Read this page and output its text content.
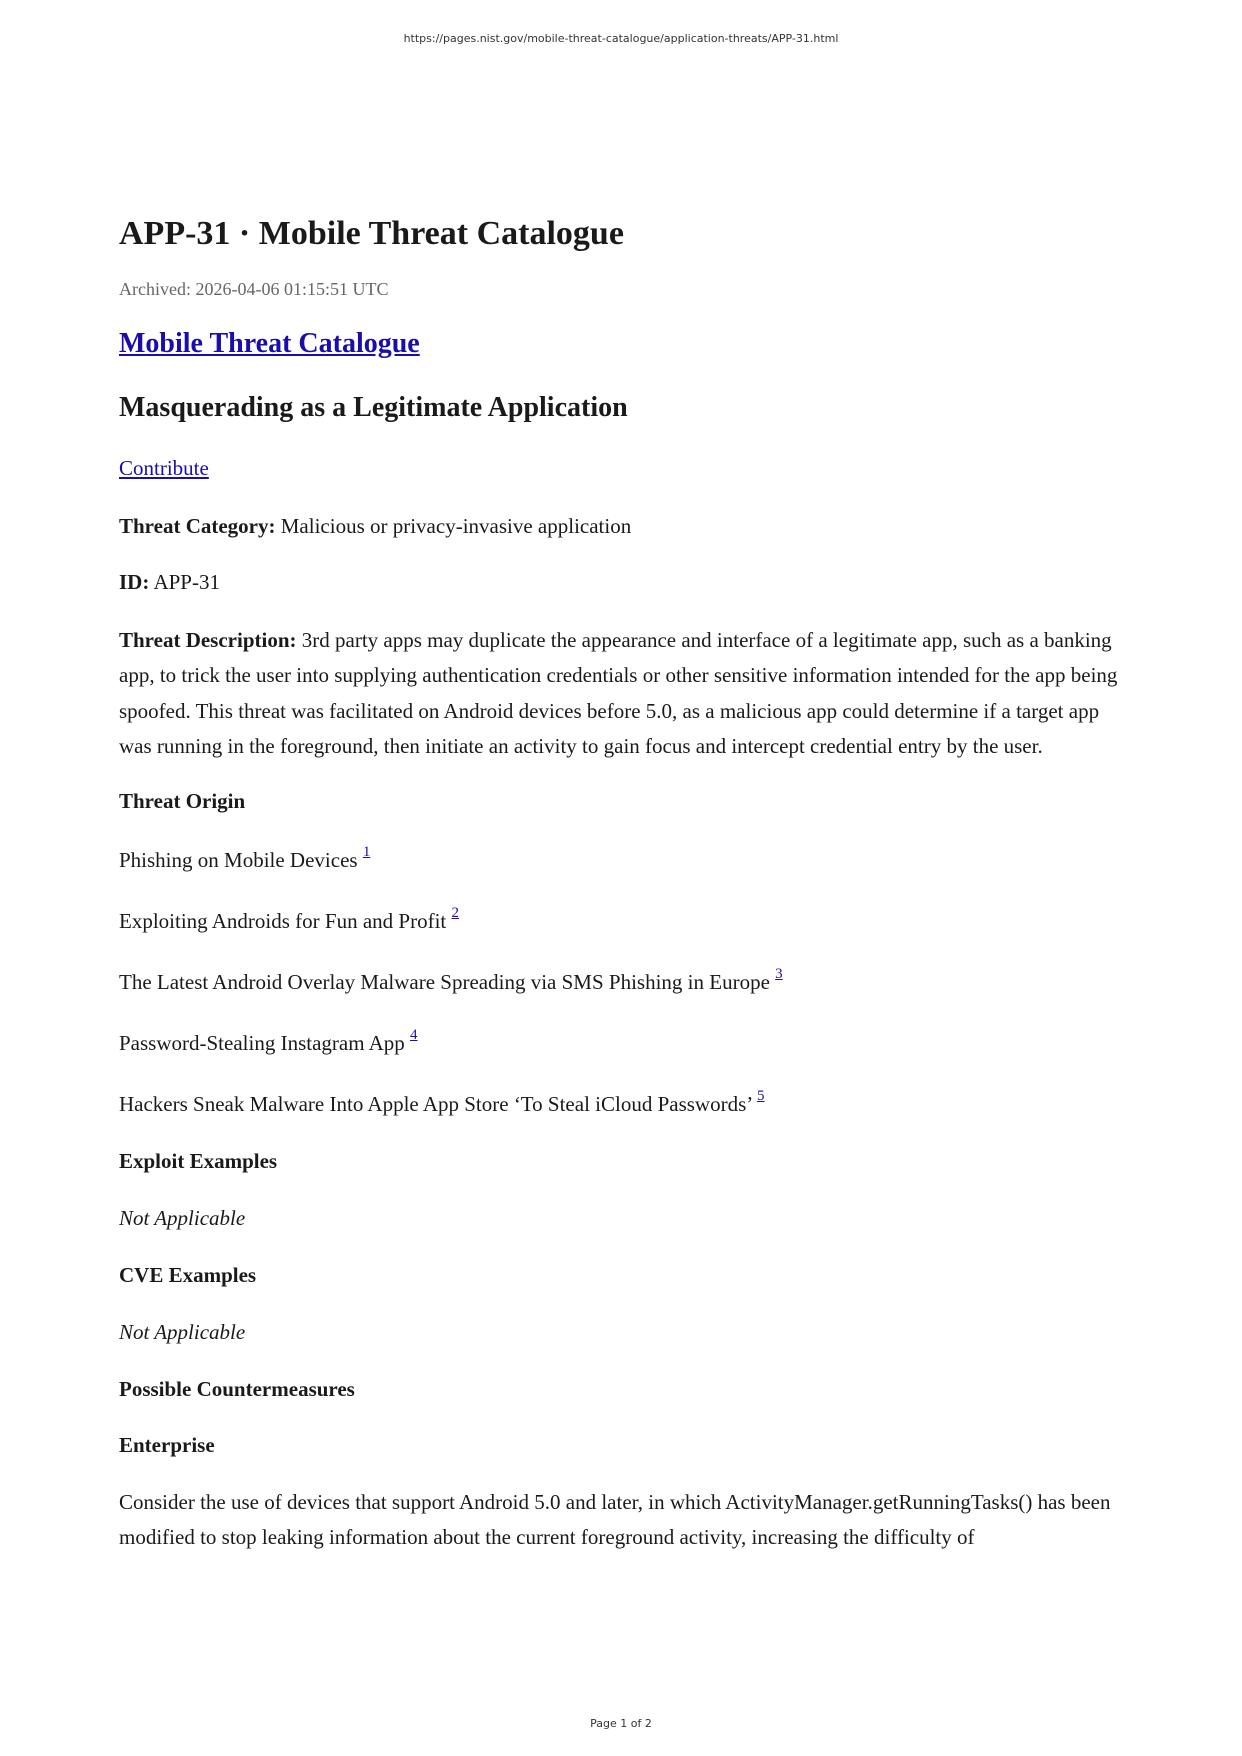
https://pages.nist.gov/mobile-threat-catalogue/application-threats/APP-31.html
APP-31 · Mobile Threat Catalogue
Archived: 2026-04-06 01:15:51 UTC
Mobile Threat Catalogue
Masquerading as a Legitimate Application
Contribute
Threat Category: Malicious or privacy-invasive application
ID: APP-31
Threat Description: 3rd party apps may duplicate the appearance and interface of a legitimate app, such as a banking app, to trick the user into supplying authentication credentials or other sensitive information intended for the app being spoofed. This threat was facilitated on Android devices before 5.0, as a malicious app could determine if a target app was running in the foreground, then initiate an activity to gain focus and intercept credential entry by the user.
Threat Origin
Phishing on Mobile Devices $^1$
Exploiting Androids for Fun and Profit $^2$
The Latest Android Overlay Malware Spreading via SMS Phishing in Europe $^3$
Password-Stealing Instagram App $^4$
Hackers Sneak Malware Into Apple App Store ‘To Steal iCloud Passwords’ $^5$
Exploit Examples
Not Applicable
CVE Examples
Not Applicable
Possible Countermeasures
Enterprise
Consider the use of devices that support Android 5.0 and later, in which ActivityManager.getRunningTasks() has been modified to stop leaking information about the current foreground activity, increasing the difficulty of
Page 1 of 2
